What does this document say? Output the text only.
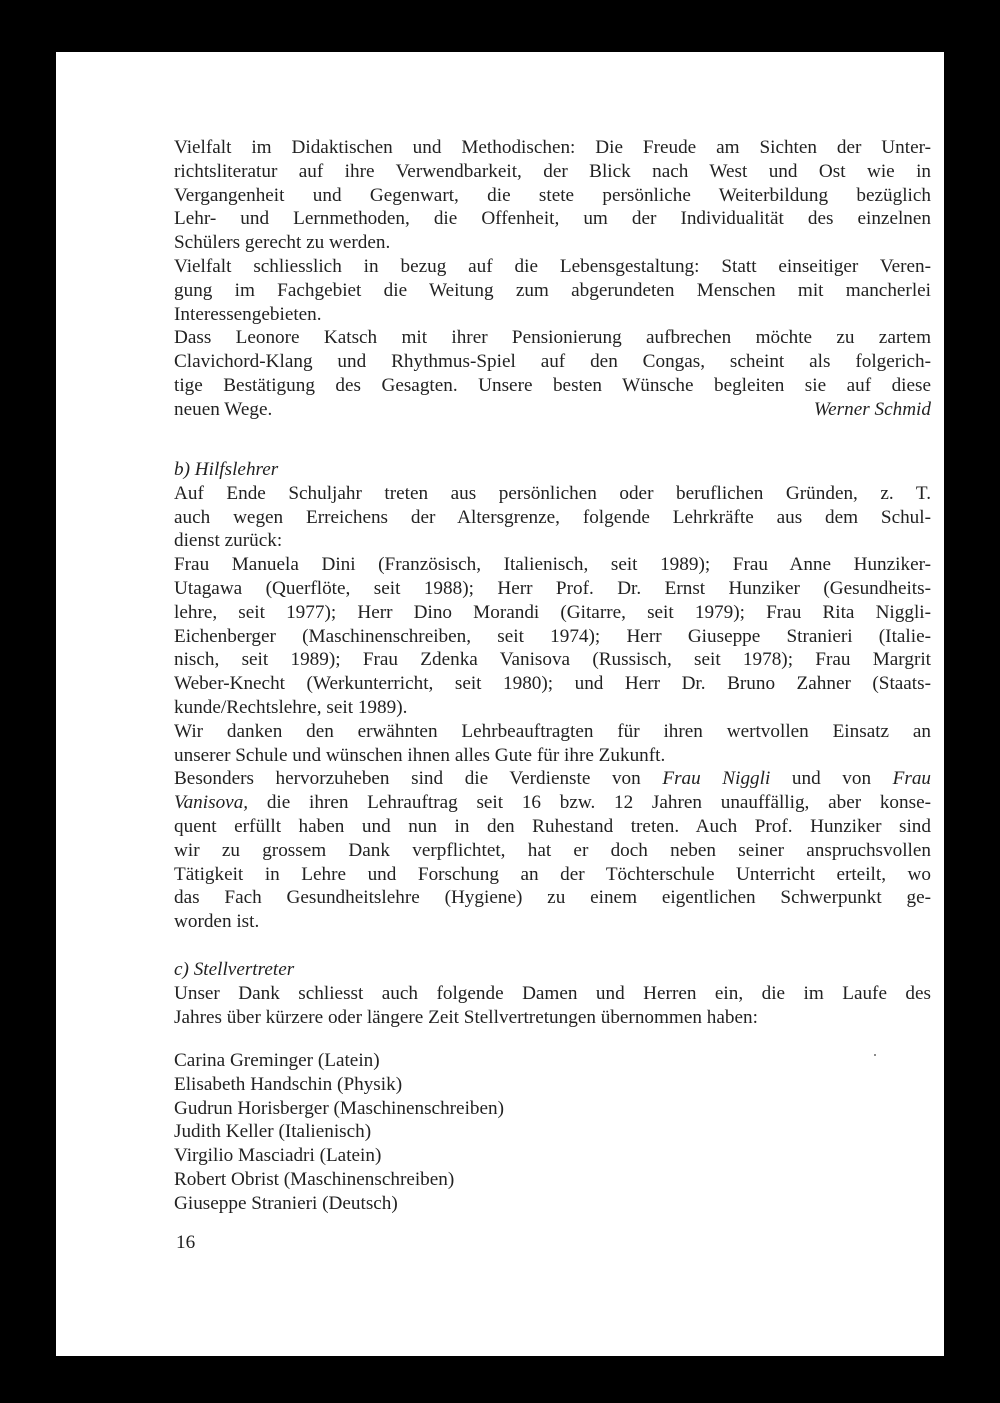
Vielfalt im Didaktischen und Methodischen: Die Freude am Sichten der Unter-
richtsliteratur auf ihre Verwendbarkeit, der Blick nach West und Ost wie in
Vergangenheit und Gegenwart, die stete persönliche Weiterbildung bezüglich
Lehr- und Lernmethoden, die Offenheit, um der Individualität des einzelnen
Schülers gerecht zu werden.
Vielfalt schliesslich in bezug auf die Lebensgestaltung: Statt einseitiger Veren-
gung im Fachgebiet die Weitung zum abgerundeten Menschen mit mancherlei
Interessengebieten.
Dass Leonore Katsch mit ihrer Pensionierung aufbrechen möchte zu zartem
Clavichord-Klang und Rhythmus-Spiel auf den Congas, scheint als folgerich-
tige Bestätigung des Gesagten. Unsere besten Wünsche begleiten sie auf diese
neuen Wege.	Werner Schmid
b) Hilfslehrer
Auf Ende Schuljahr treten aus persönlichen oder beruflichen Gründen, z. T.
auch wegen Erreichens der Altersgrenze, folgende Lehrkräfte aus dem Schul-
dienst zurück:
Frau Manuela Dini (Französisch, Italienisch, seit 1989); Frau Anne Hunziker-
Utagawa (Querflöte, seit 1988); Herr Prof. Dr. Ernst Hunziker (Gesundheits-
lehre, seit 1977); Herr Dino Morandi (Gitarre, seit 1979); Frau Rita Niggli-
Eichenberger (Maschinenschreiben, seit 1974); Herr Giuseppe Stranieri (Italie-
nisch, seit 1989); Frau Zdenka Vanisova (Russisch, seit 1978); Frau Margrit
Weber-Knecht (Werkunterricht, seit 1980); und Herr Dr. Bruno Zahner (Staats-
kunde/Rechtslehre, seit 1989).
Wir danken den erwähnten Lehrbeauftragten für ihren wertvollen Einsatz an
unserer Schule und wünschen ihnen alles Gute für ihre Zukunft.
Besonders hervorzuheben sind die Verdienste von Frau Niggli und von Frau
Vanisova, die ihren Lehrauftrag seit 16 bzw. 12 Jahren unauffällig, aber konse-
quent erfüllt haben und nun in den Ruhestand treten. Auch Prof. Hunziker sind
wir zu grossem Dank verpflichtet, hat er doch neben seiner anspruchsvollen
Tätigkeit in Lehre und Forschung an der Töchterschule Unterricht erteilt, wo
das Fach Gesundheitslehre (Hygiene) zu einem eigentlichen Schwerpunkt ge-
worden ist.
c) Stellvertreter
Unser Dank schliesst auch folgende Damen und Herren ein, die im Laufe des
Jahres über kürzere oder längere Zeit Stellvertretungen übernommen haben:
Carina Greminger (Latein)
Elisabeth Handschin (Physik)
Gudrun Horisberger (Maschinenschreiben)
Judith Keller (Italienisch)
Virgilio Masciadri (Latein)
Robert Obrist (Maschinenschreiben)
Giuseppe Stranieri (Deutsch)
16
